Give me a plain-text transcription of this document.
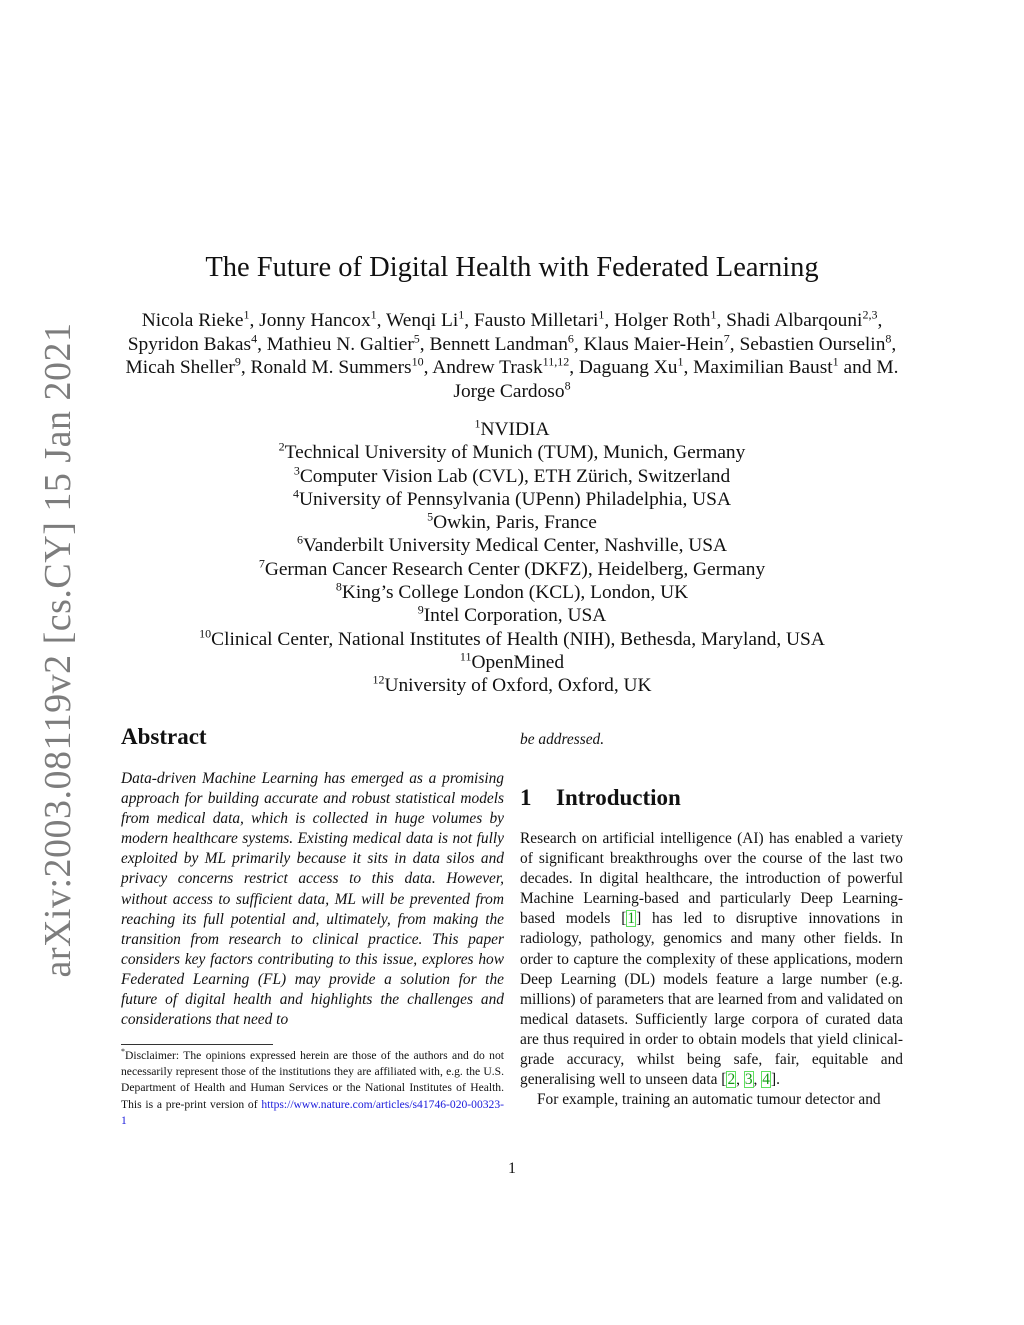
arXiv:2003.08119v2 [cs.CY] 15 Jan 2021
The Future of Digital Health with Federated Learning
Nicola Rieke$^1$, Jonny Hancox$^1$, Wenqi Li$^1$, Fausto Milletari$^1$, Holger Roth$^1$, Shadi Albarqouni$^{2,3}$, Spyridon Bakas$^4$, Mathieu N. Galtier$^5$, Bennett Landman$^6$, Klaus Maier-Hein$^7$, Sebastien Ourselin$^8$, Micah Sheller$^9$, Ronald M. Summers$^{10}$, Andrew Trask$^{11,12}$, Daguang Xu$^1$, Maximilian Baust$^1$ and M. Jorge Cardoso$^8$
$^1$NVIDIA
$^2$Technical University of Munich (TUM), Munich, Germany
$^3$Computer Vision Lab (CVL), ETH Zürich, Switzerland
$^4$University of Pennsylvania (UPenn) Philadelphia, USA
$^5$Owkin, Paris, France
$^6$Vanderbilt University Medical Center, Nashville, USA
$^7$German Cancer Research Center (DKFZ), Heidelberg, Germany
$^8$King’s College London (KCL), London, UK
$^9$Intel Corporation, USA
$^{10}$Clinical Center, National Institutes of Health (NIH), Bethesda, Maryland, USA
$^{11}$OpenMined
$^{12}$University of Oxford, Oxford, UK
Abstract
Data-driven Machine Learning has emerged as a promising approach for building accurate and robust statistical models from medical data, which is collected in huge volumes by modern healthcare systems. Existing medical data is not fully exploited by ML primarily because it sits in data silos and privacy concerns restrict access to this data. However, without access to sufficient data, ML will be prevented from reaching its full potential and, ultimately, from making the transition from research to clinical practice. This paper considers key factors contributing to this issue, explores how Federated Learning (FL) may provide a solution for the future of digital health and highlights the challenges and considerations that need to
*Disclaimer: The opinions expressed herein are those of the authors and do not necessarily represent those of the institutions they are affiliated with, e.g. the U.S. Department of Health and Human Services or the National Institutes of Health. This is a pre-print version of https://www.nature.com/articles/s41746-020-00323-1
be addressed.
1 Introduction

Research on artificial intelligence (AI) has enabled a variety of significant breakthroughs over the course of the last two decades. In digital healthcare, the introduction of powerful Machine Learning-based and particularly Deep Learning-based models [1] has led to disruptive innovations in radiology, pathology, genomics and many other fields. In order to capture the complexity of these applications, modern Deep Learning (DL) models feature a large number (e.g. millions) of parameters that are learned from and validated on medical datasets. Sufficiently large corpora of curated data are thus required in order to obtain models that yield clinical-grade accuracy, whilst being safe, fair, equitable and generalising well to unseen data [2, 3, 4].

For example, training an automatic tumour detector and

1
